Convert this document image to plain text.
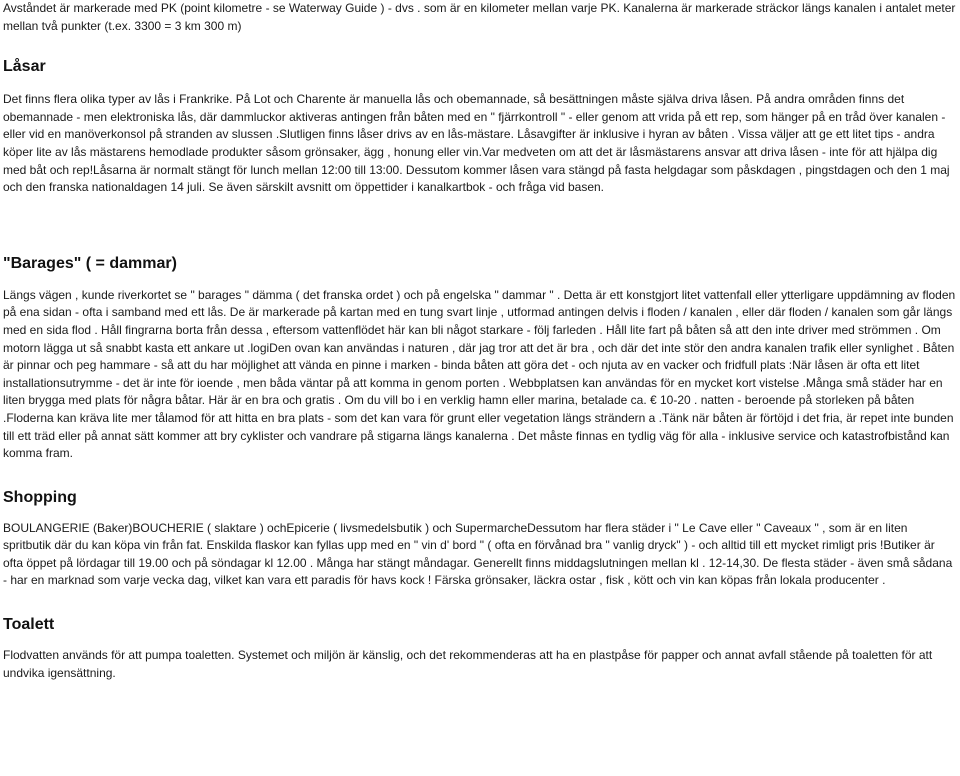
Avståndet är markerade med PK (point kilometre - se Waterway Guide ) - dvs . som är en kilometer mellan varje PK. Kanalerna är markerade sträckor längs kanalen i antalet meter mellan två punkter (t.ex. 3300 = 3 km 300 m)

Låsar

Det finns flera olika typer av lås i Frankrike. På Lot och Charente är manuella lås och obemannade, så besättningen måste själva driva låsen. På andra områden finns det obemannade - men elektroniska lås, där dammluckor aktiveras antingen från båten med en " fjärrkontroll " - eller genom att vrida på ett rep, som hänger på en tråd över kanalen - eller vid en manöverkonsol på stranden av slussen .Slutligen finns låser drivs av en lås-mästare. Låsavgifter är inklusive i hyran av båten . Vissa väljer att ge ett litet tips - andra köper lite av lås mästarens hemodlade produkter såsom grönsaker, ägg , honung eller vin.Var medveten om att det är låsmästarens ansvar att driva låsen - inte för att hjälpa dig med båt och rep!Låsarna är normalt stängt för lunch mellan 12:00 till 13:00. Dessutom kommer låsen vara stängd på fasta helgdagar som påskdagen , pingstdagen och den 1 maj och den franska nationaldagen 14 juli. Se även särskilt avsnitt om öppettider i kanalkartbok - och fråga vid basen.

"Barages" ( = dammar)

Längs vägen , kunde riverkortet se " barages " dämma ( det franska ordet ) och på engelska " dammar " . Detta är ett konstgjort litet vattenfall eller ytterligare uppdämning av floden på ena sidan - ofta i samband med ett lås. De är markerade på kartan med en tung svart linje , utformad antingen delvis i floden / kanalen , eller där floden / kanalen som går längs med en sida flod . Håll fingrarna borta från dessa , eftersom vattenflödet här kan bli något starkare - följ farleden . Håll lite fart på båten så att den inte driver med strömmen . Om motorn lägga ut så snabbt kasta ett ankare ut .logiDen ovan kan användas i naturen , där jag tror att det är bra , och där det inte stör den andra kanalen trafik eller synlighet . Båten är pinnar och peg hammare - så att du har möjlighet att vända en pinne i marken - binda båten att göra det - och njuta av en vacker och fridfull plats :När låsen är ofta ett litet installationsutrymme - det är inte för ioende , men båda väntar på att komma in genom porten . Webbplatsen kan användas för en mycket kort vistelse .Många små städer har en liten brygga med plats för några båtar. Här är en bra och gratis . Om du vill bo i en verklig hamn eller marina, betalade ca. € 10-20 . natten - beroende på storleken på båten .Floderna kan kräva lite mer tålamod för att hitta en bra plats - som det kan vara för grunt eller vegetation längs strändern a .Tänk när båten är förtöjd i det fria, är repet inte bunden till ett träd eller på annat sätt kommer att bry cyklister och vandrare på stigarna längs kanalerna . Det måste finnas en tydlig väg för alla - inklusive service och katastrofbistånd kan komma fram.

Shopping

BOULANGERIE (Baker)BOUCHERIE ( slaktare ) ochEpicerie ( livsmedelsbutik ) och SupermarcheDessutom har flera städer i " Le Cave eller " Caveaux " , som är en liten spritbutik där du kan köpa vin från fat. Enskilda flaskor kan fyllas upp med en " vin d' bord " ( ofta en förvånad bra " vanlig dryck" ) - och alltid till ett mycket rimligt pris !Butiker är ofta öppet på lördagar till 19.00 och på söndagar kl 12.00 . Många har stängt måndagar. Generellt finns middagslutningen mellan kl . 12-14,30. De flesta städer - även små sådana - har en marknad som varje vecka dag, vilket kan vara ett paradis för havs kock ! Färska grönsaker, läckra ostar , fisk , kött och vin kan köpas från lokala producenter .

Toalett

Flodvatten används för att pumpa toaletten. Systemet och miljön är känslig, och det rekommenderas att ha en plastpåse för papper och annat avfall stående på toaletten för att undvika igensättning.
